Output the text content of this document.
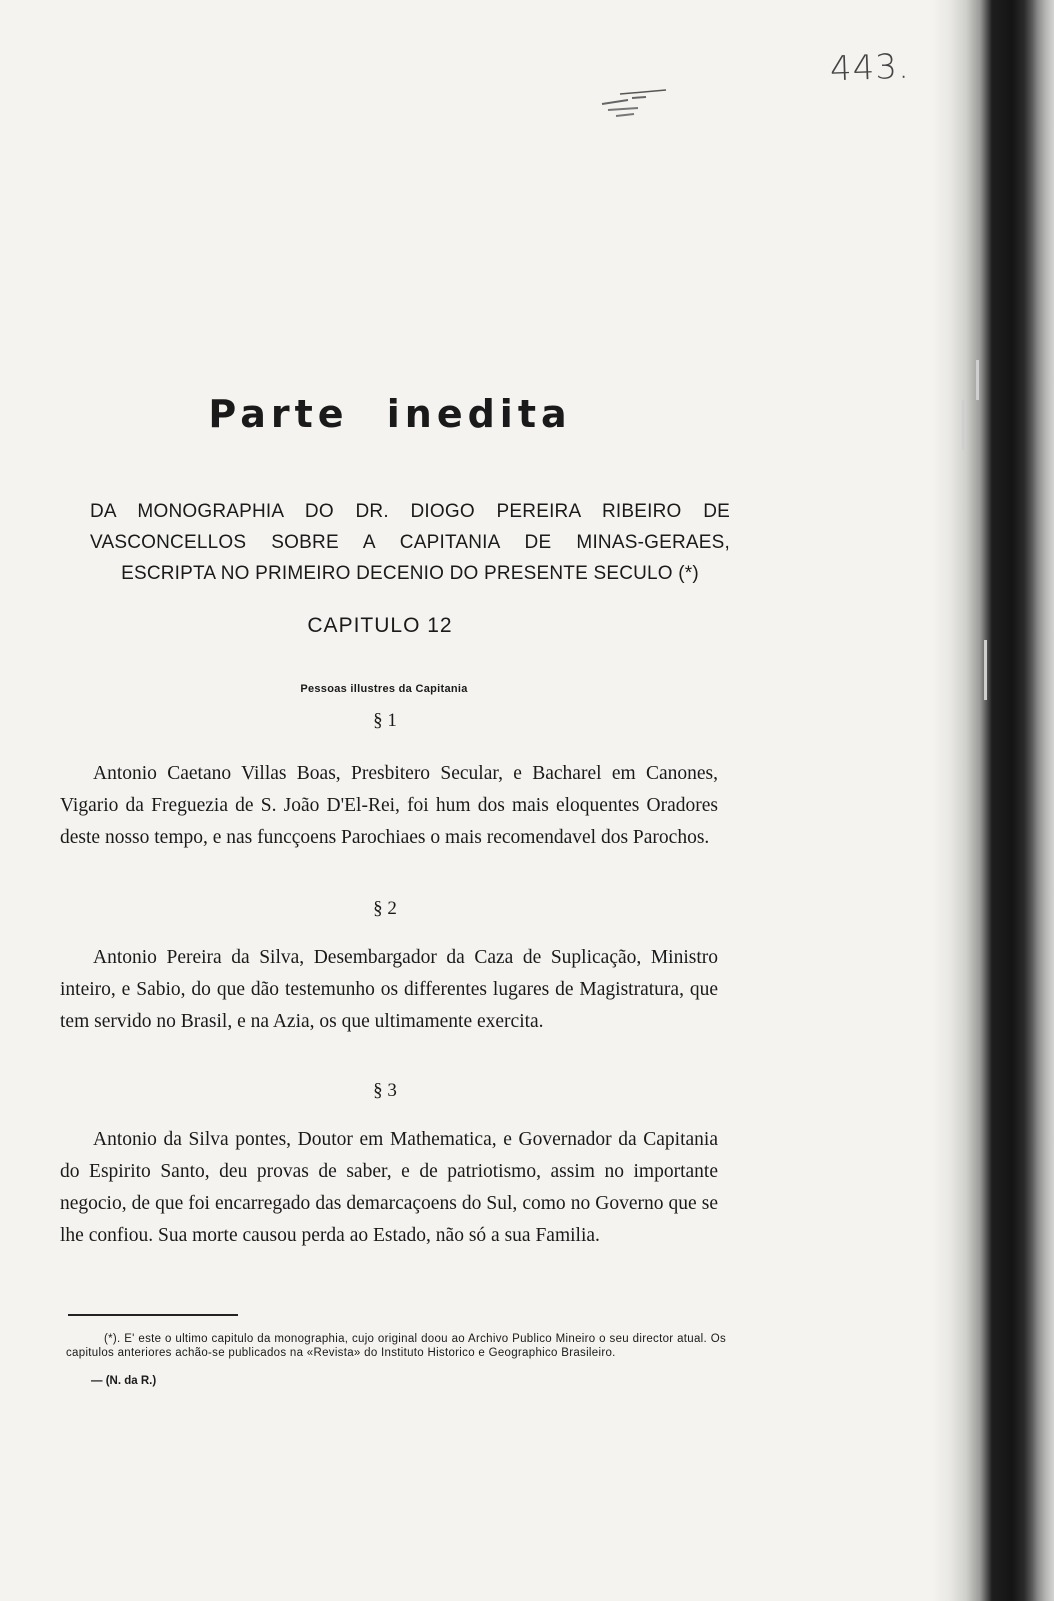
443.
Parte inedita
DA MONOGRAPHIA DO DR. DIOGO PEREIRA RIBEIRO DE VASCONCELLOS SOBRE A CAPITANIA DE MINAS-GERAES, ESCRIPTA NO PRIMEIRO DECENIO DO PRESENTE SECULO (*)
CAPITULO 12
Pessoas illustres da Capitania
§ 1
Antonio Caetano Villas Boas, Presbitero Secular, e Bacharel em Canones, Vigario da Freguezia de S. João D'El-Rei, foi hum dos mais eloquentes Oradores deste nosso tempo, e nas funcçoens Parochiaes o mais recomendavel dos Parochos.
§ 2
Antonio Pereira da Silva, Desembargador da Caza de Suplicação, Ministro inteiro, e Sabio, do que dão testemunho os differentes lugares de Magistratura, que tem servido no Brasil, e na Azia, os que ultimamente exercita.
§ 3
Antonio da Silva pontes, Doutor em Mathematica, e Governador da Capitania do Espirito Santo, deu provas de saber, e de patriotismo, assim no importante negocio, de que foi encarregado das demarcaçoens do Sul, como no Governo que se lhe confiou. Sua morte causou perda ao Estado, não só a sua Familia.
(*). E' este o ultimo capitulo da monographia, cujo original doou ao Archivo Publico Mineiro o seu director atual. Os capitulos anteriores achão-se publicados na «Revista» do Instituto Historico e Geographico Brasileiro.
— (N. da R.)
